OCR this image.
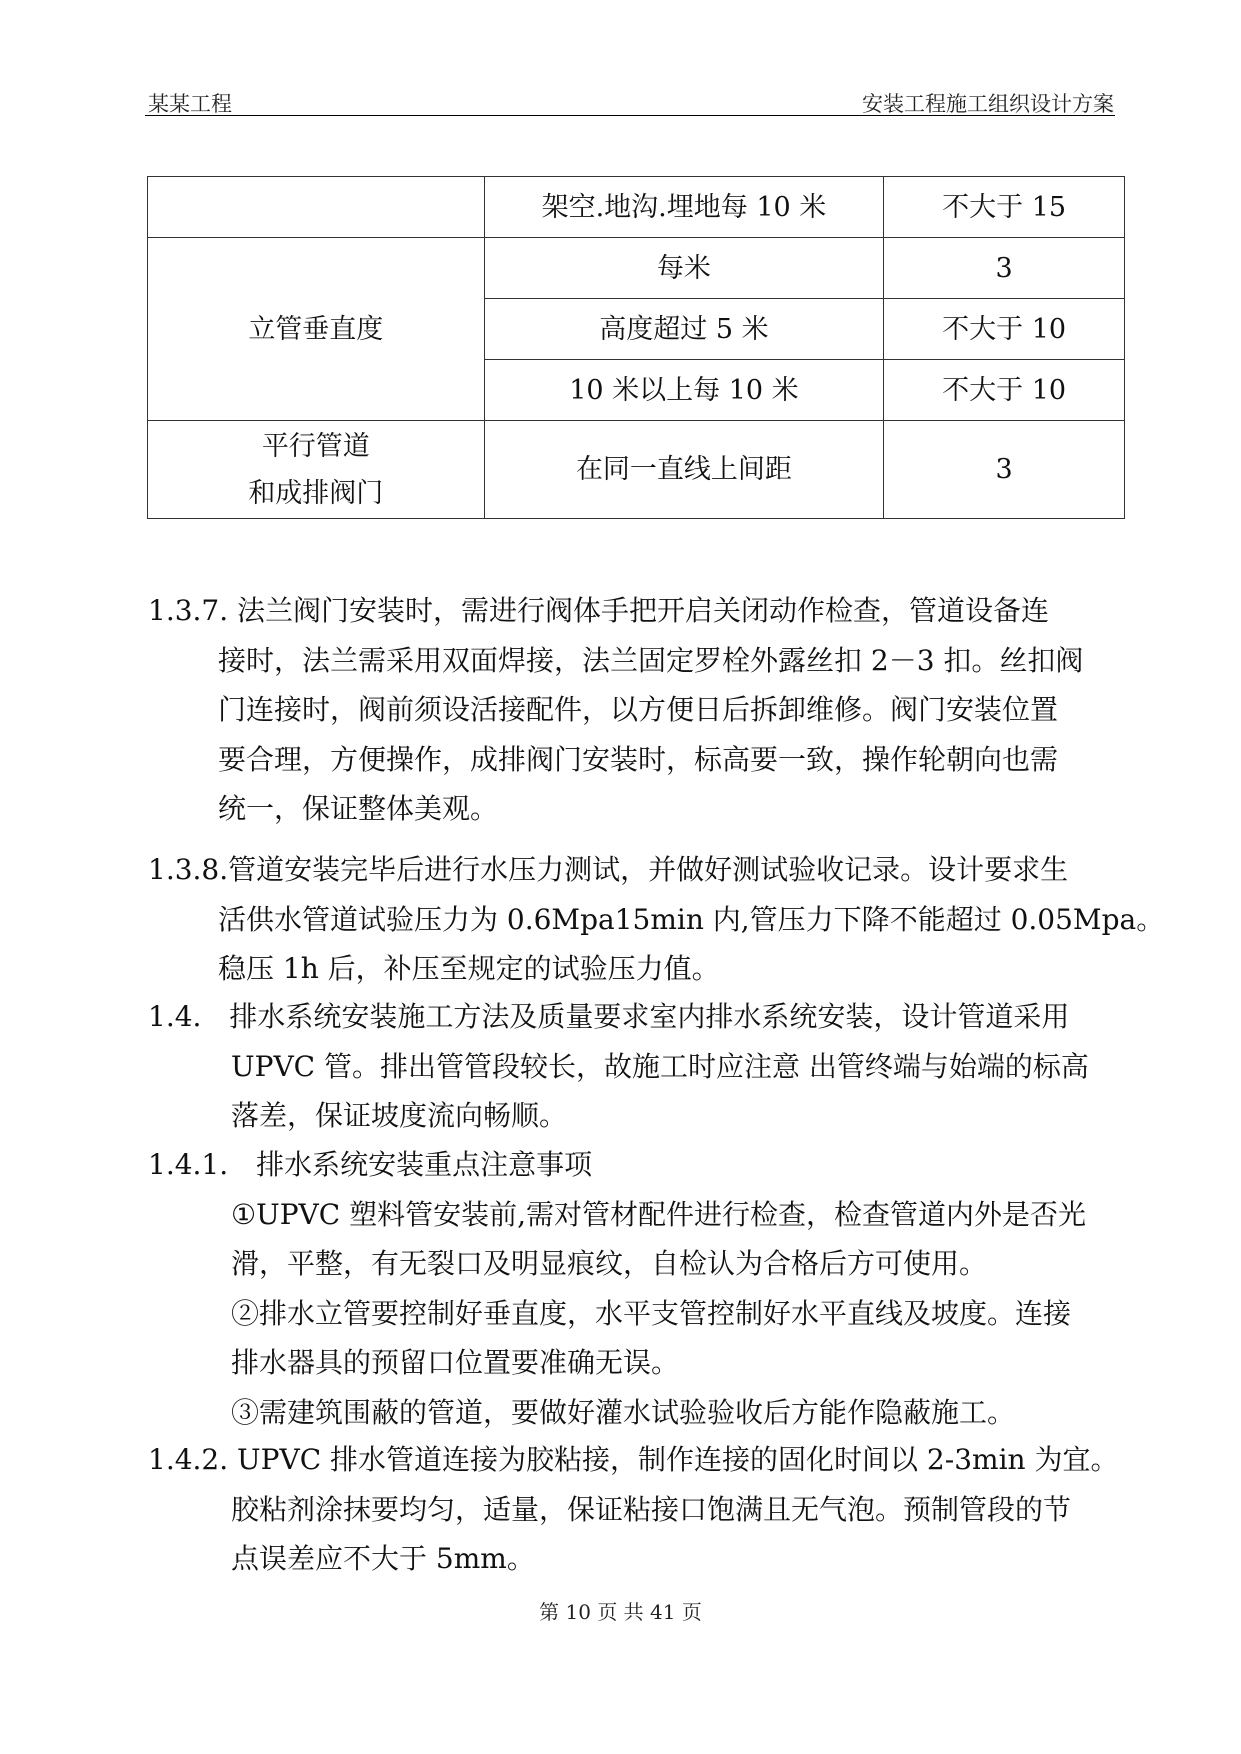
某某工程	安装工程施工组织设计方案
	架空.地沟.埋地每 10 米	不大于 15
立管垂直度	每米	3
	高度超过 5 米	不大于 10
	10 米以上每 10 米	不大于 10

平行管道
和成排阀门	在同一直线上间距	3
1.3.7. 法兰阀门安装时，需进行阀体手把开启关闭动作检查，管道设备连
接时，法兰需采用双面焊接，法兰固定罗栓外露丝扣 2－3 扣。丝扣阀
门连接时，阀前须设活接配件，以方便日后拆卸维修。阀门安装位置
要合理，方便操作，成排阀门安装时，标高要一致，操作轮朝向也需
统一，保证整体美观。
1.3.8.管道安装完毕后进行水压力测试，并做好测试验收记录。设计要求生
活供水管道试验压力为 0.6Mpa15min 内,管压力下降不能超过 0.05Mpa。
稳压 1h 后，补压至规定的试验压力值。
1.4.　排水系统安装施工方法及质量要求室内排水系统安装，设计管道采用
UPVC 管。排出管管段较长，故施工时应注意 出管终端与始端的标高
落差，保证坡度流向畅顺。
1.4.1.　排水系统安装重点注意事项
①UPVC 塑料管安装前,需对管材配件进行检查，检查管道内外是否光
滑，平整，有无裂口及明显痕纹，自检认为合格后方可使用。
②排水立管要控制好垂直度，水平支管控制好水平直线及坡度。连接
排水器具的预留口位置要准确无误。
③需建筑围蔽的管道，要做好灌水试验验收后方能作隐蔽施工。
1.4.2. UPVC 排水管道连接为胶粘接，制作连接的固化时间以 2-3min 为宜。
胶粘剂涂抹要均匀，适量，保证粘接口饱满且无气泡。预制管段的节
点误差应不大于 5mm。
第 10 页 共 41 页
